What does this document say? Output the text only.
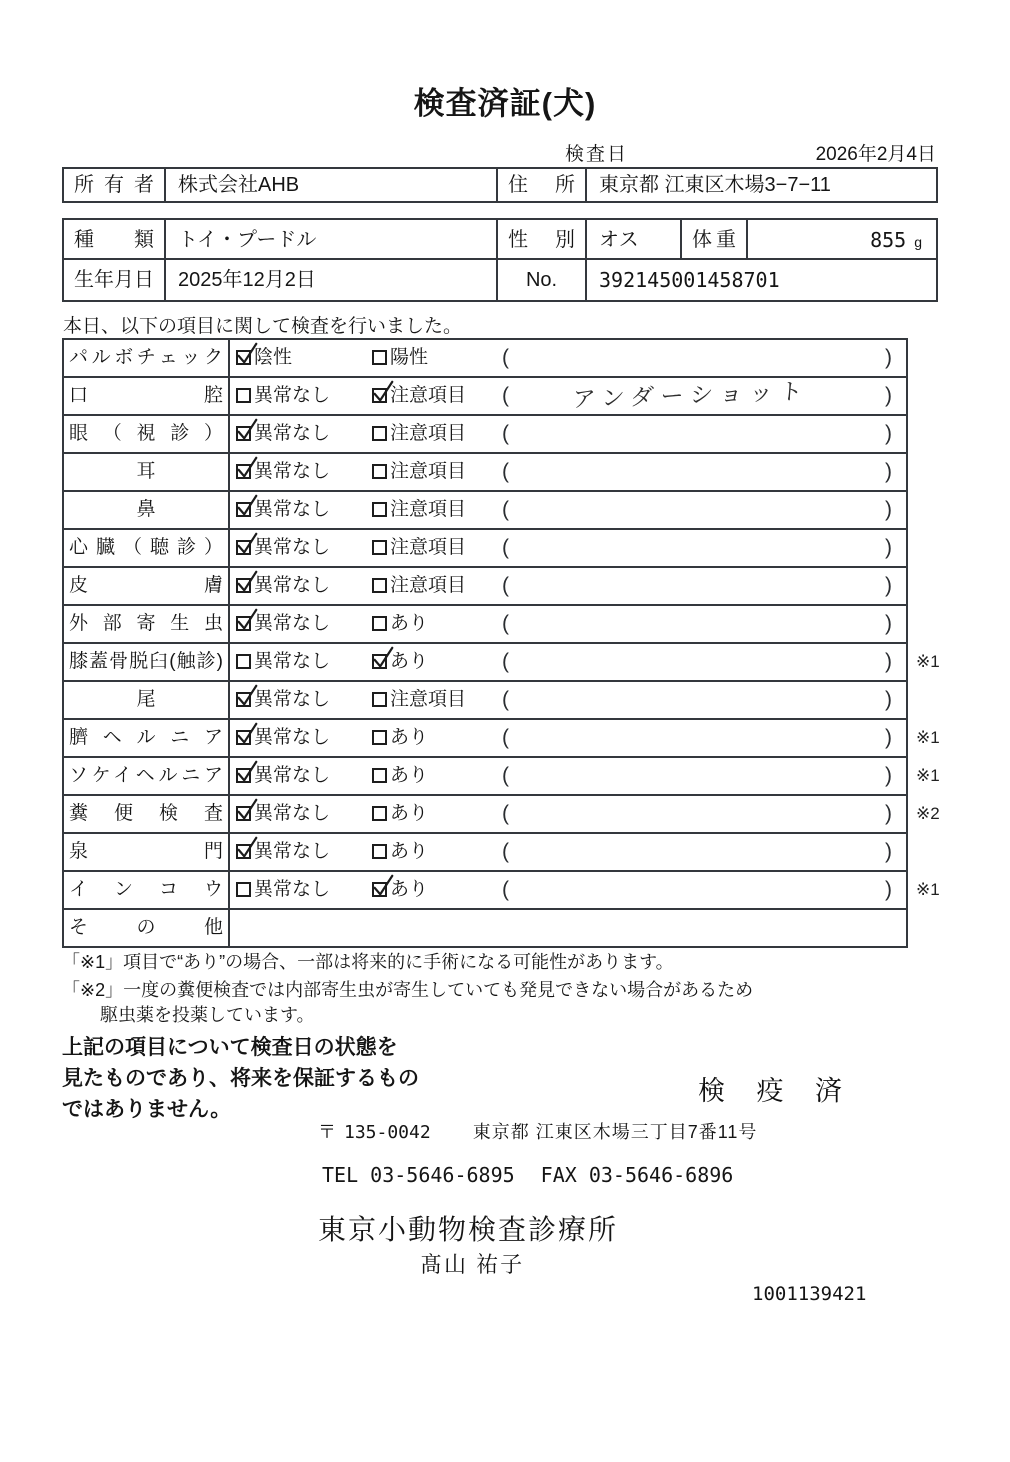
検査済証(犬)
検査日	2026年2月4日
所有者	株式会社AHB	住所	東京都 江東区木場3−7−11
種類	トイ・プードル	性別	オス	体重	855 g
生年月日	2025年12月2日	No.	392145001458701
本日、以下の項目に関して検査を行いました。
パルボチェック	陰性	陽性	(	)
口腔	異常なし	注意項目 (	アンダーショット	)
眼（視診）	異常なし	注意項目 (	)
耳	異常なし	注意項目 (	)
鼻	異常なし	注意項目 (	)
心臓（聴診）	異常なし	注意項目 (	)
皮膚	異常なし	注意項目 (	)
外部寄生虫	異常なし	あり	(	)
膝蓋骨脱臼(触診)	異常なし	あり	(	)	※1
尾	異常なし	注意項目 (	)
臍ヘルニア	異常なし	あり	(	)	※1
ソケイヘルニア	異常なし	あり	(	)	※1
糞便検査	異常なし	あり	(	)	※2
泉門	異常なし	あり	(	)
インコウ	異常なし	あり	(	)	※1
その他
「※1」項目で“あり”の場合、一部は将来的に手術になる可能性があります。
「※2」一度の糞便検査では内部寄生虫が寄生していても発見できない場合があるため
駆虫薬を投薬しています。
上記の項目について検査日の状態を
見たものであり、将来を保証するもの
ではありません。
検 疫 済
〒 135-0042 東京都 江東区木場三丁目7番11号
TEL 03-5646-6895 FAX 03-5646-6896
東京小動物検査診療所
髙山 祐子
1001139421
